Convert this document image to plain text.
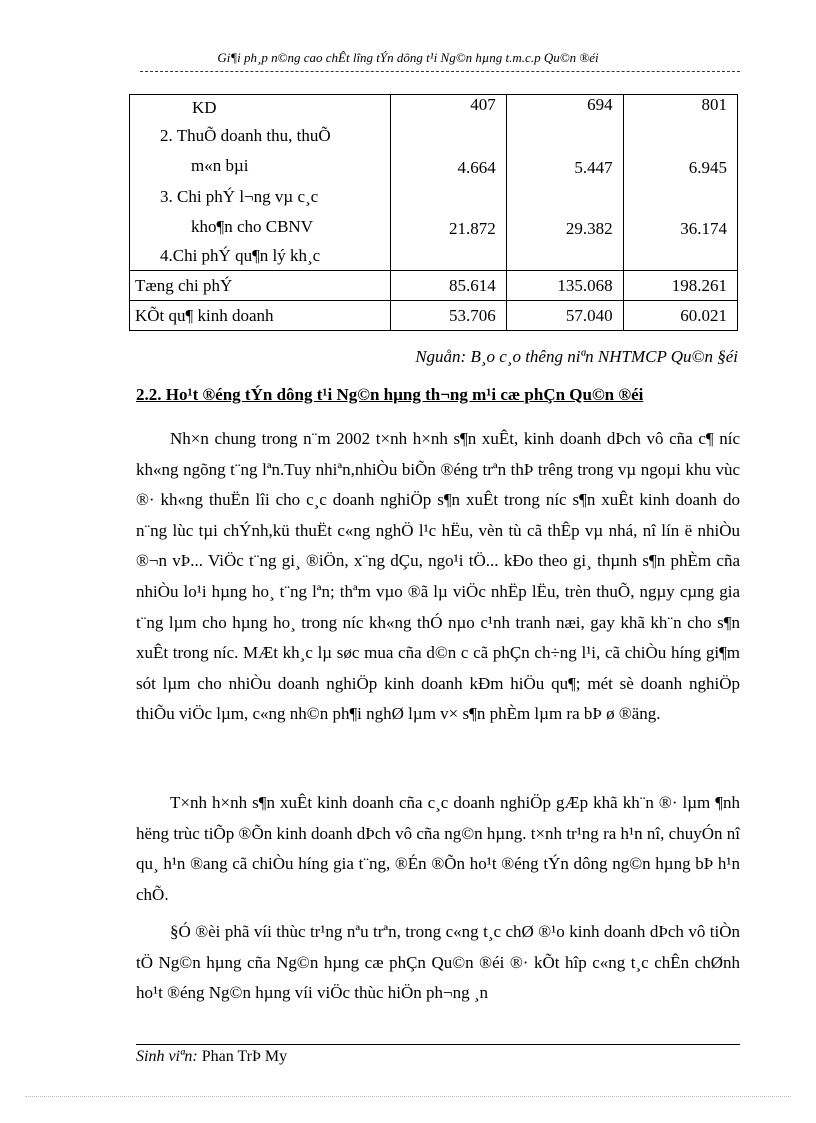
Gi¶i ph¸p n©ng cao chÊt lîng tÝn dông t¹i Ng©n hµng t.m.c.p Qu©n ®éi
KD	407	694	801

2. ThuÕ doanh thu, thuÕ
m«n bµi	4.664	5.447	6.945

3. Chi phÝ l¬ng vµ c¸c
kho¶n cho CBNV	21.872	29.382	36.174
4.Chi phÝ qu¶n lý kh¸c			
Tæng chi phÝ	85.614	135.068	198.261
KÕt qu¶ kinh doanh	53.706	57.040	60.021
Nguån: B¸o c¸o thêng niªn NHTMCP Qu©n §éi
2.2. Ho¹t ®éng tÝn dông t¹i Ng©n hµng th¬ng m¹i cæ phÇn Qu©n ®éi

Nh×n chung trong n¨m 2002 t×nh h×nh s¶n xuÊt, kinh doanh dÞch vô cña c¶ níc kh«ng ngõng t¨ng lªn.Tuy nhiªn,nhiÒu biÕn ®éng trªn thÞ trêng trong vµ ngoµi khu vùc ®· kh«ng thuËn lîi cho c¸c doanh nghiÖp s¶n xuÊt trong níc s¶n xuÊt kinh doanh do n¨ng lùc tµi chÝnh,kü thuËt c«ng nghÖ l¹c hËu, vèn tù cã thÊp vµ nhá, nî lín ë nhiÒu ®¬n vÞ... ViÖc t¨ng gi¸ ®iÖn, x¨ng dÇu, ngo¹i tÖ... kÐo theo gi¸ thµnh s¶n phÈm cña nhiÒu lo¹i hµng ho¸ t¨ng lªn; thªm vµo ®ã lµ viÖc nhËp lËu, trèn thuÕ, ngµy cµng gia t¨ng lµm cho hµng ho¸ trong níc kh«ng thÓ nµo c¹nh tranh næi, gay khã kh¨n cho s¶n xuÊt trong níc. MÆt kh¸c lµ søc mua cña d©n c cã phÇn ch÷ng l¹i, cã chiÒu híng gi¶m sót lµm cho nhiÒu doanh nghiÖp kinh doanh kÐm hiÖu qu¶; mét sè doanh nghiÖp thiÕu viÖc lµm, c«ng nh©n ph¶i nghØ lµm v× s¶n phÈm lµm ra bÞ ø ®äng.

T×nh h×nh s¶n xuÊt kinh doanh cña c¸c doanh nghiÖp gÆp khã kh¨n ®· lµm ¶nh hëng trùc tiÕp ®Õn kinh doanh dÞch vô cña ng©n hµng. t×nh tr¹ng ra h¹n nî, chuyÓn nî qu¸ h¹n ®ang cã chiÒu híng gia t¨ng, ®Én ®Õn ho¹t ®éng tÝn dông ng©n hµng bÞ h¹n chÕ.

§Ó ®èi phã víi thùc tr¹ng nªu trªn, trong c«ng t¸c chØ ®¹o kinh doanh dÞch vô tiÒn tÖ Ng©n hµng cña Ng©n hµng cæ phÇn Qu©n ®éi ®· kÕt hîp c«ng t¸c chÊn chØnh ho¹t ®éng Ng©n hµng víi viÖc thùc hiÖn ph¬ng ¸n

Sinh viªn: Phan TrÞ My
